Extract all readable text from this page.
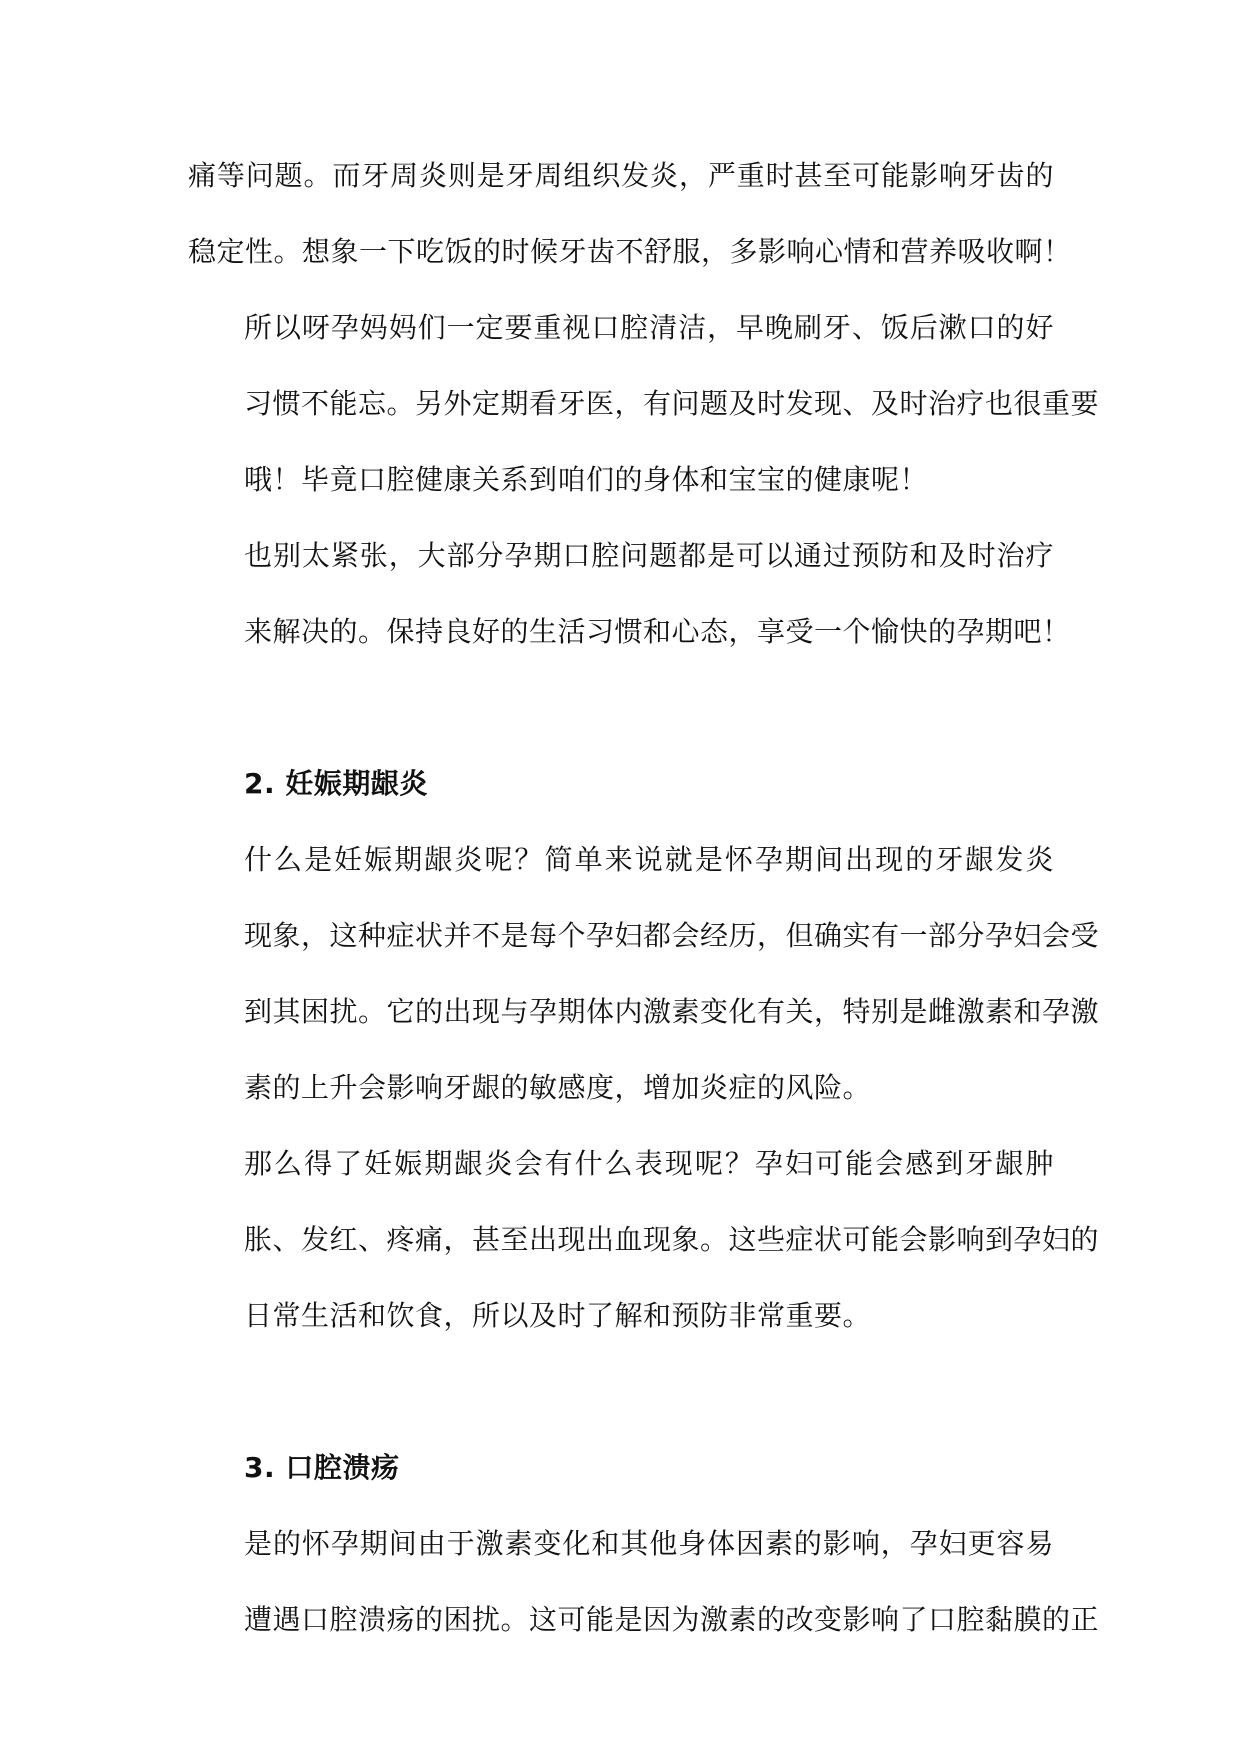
痛等问题。而牙周炎则是牙周组织发炎，严重时甚至可能影响牙齿的
稳定性。想象一下吃饭的时候牙齿不舒服，多影响心情和营养吸收啊！

所以呀孕妈妈们一定要重视口腔清洁，早晚刷牙、饭后漱口的好
习惯不能忘。另外定期看牙医，有问题及时发现、及时治疗也很重要
哦！毕竟口腔健康关系到咱们的身体和宝宝的健康呢！

也别太紧张，大部分孕期口腔问题都是可以通过预防和及时治疗
来解决的。保持良好的生活习惯和心态，享受一个愉快的孕期吧！

2. 妊娠期龈炎

什么是妊娠期龈炎呢？简单来说就是怀孕期间出现的牙龈发炎
现象，这种症状并不是每个孕妇都会经历，但确实有一部分孕妇会受
到其困扰。它的出现与孕期体内激素变化有关，特别是雌激素和孕激
素的上升会影响牙龈的敏感度，增加炎症的风险。

那么得了妊娠期龈炎会有什么表现呢？孕妇可能会感到牙龈肿
胀、发红、疼痛，甚至出现出血现象。这些症状可能会影响到孕妇的
日常生活和饮食，所以及时了解和预防非常重要。

3. 口腔溃疡

是的怀孕期间由于激素变化和其他身体因素的影响，孕妇更容易
遭遇口腔溃疡的困扰。这可能是因为激素的改变影响了口腔黏膜的正
